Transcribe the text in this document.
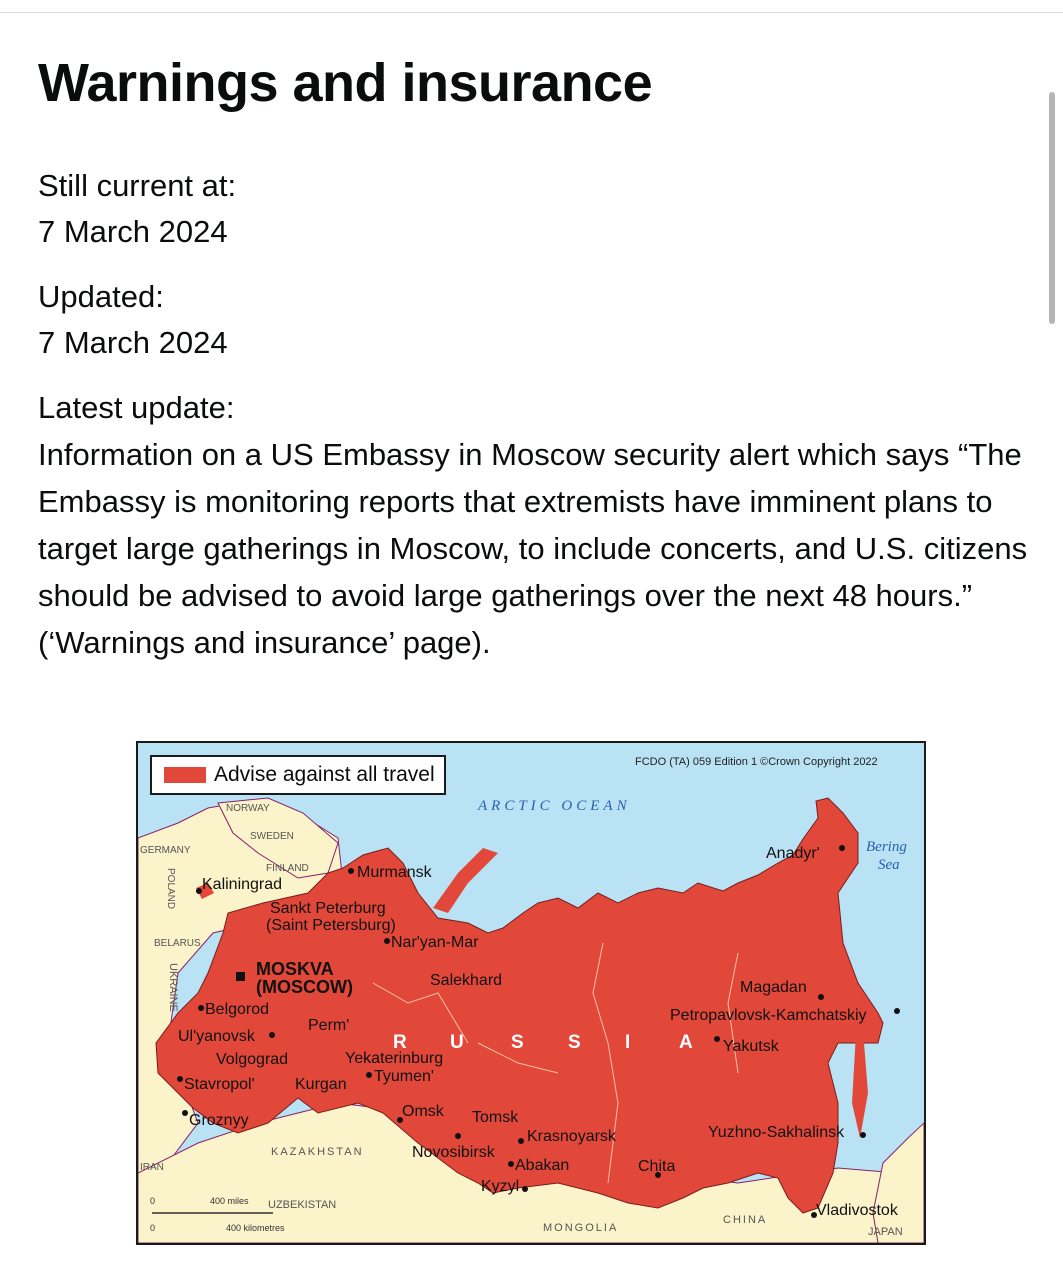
Warnings and insurance
Still current at:
7 March 2024
Updated:
7 March 2024
Latest update:
Information on a US Embassy in Moscow security alert which says “The Embassy is monitoring reports that extremists have imminent plans to target large gatherings in Moscow, to include concerts, and U.S. citizens should be advised to avoid large gatherings over the next 48 hours.” (‘Warnings and insurance’ page).
Advise against all travel
FCDO (TA) 059 Edition 1 ©Crown Copyright 2022
ARCTIC OCEAN
Bering
Sea
NORWAY
SWEDEN
FINLAND
GERMANY
POLAND
BELARUS
UKRAINE
IRAN
KAZAKHSTAN
UZBEKISTAN
MONGOLIA
CHINA
JAPAN
R U S S I	A
MOSKVA
(MOSCOW)
Murmansk
Kaliningrad
Sankt Peterburg
(Saint Petersburg)
Nar'yan-Mar
Salekhard
Belgorod
Ul'yanovsk
Perm'
Volgograd	Yekaterinburg
Stavropol'	Kurgan Tyumen'
Groznyy
Omsk Tomsk
Novosibirsk
Krasnoyarsk
Abakan
Kyzyl
Chita
Anadyr'
Magadan
Petropavlovsk-Kamchatskiy
Yakutsk
Yuzhno-Sakhalinsk
Vladivostok
400 miles
400 kilometres
0
0
